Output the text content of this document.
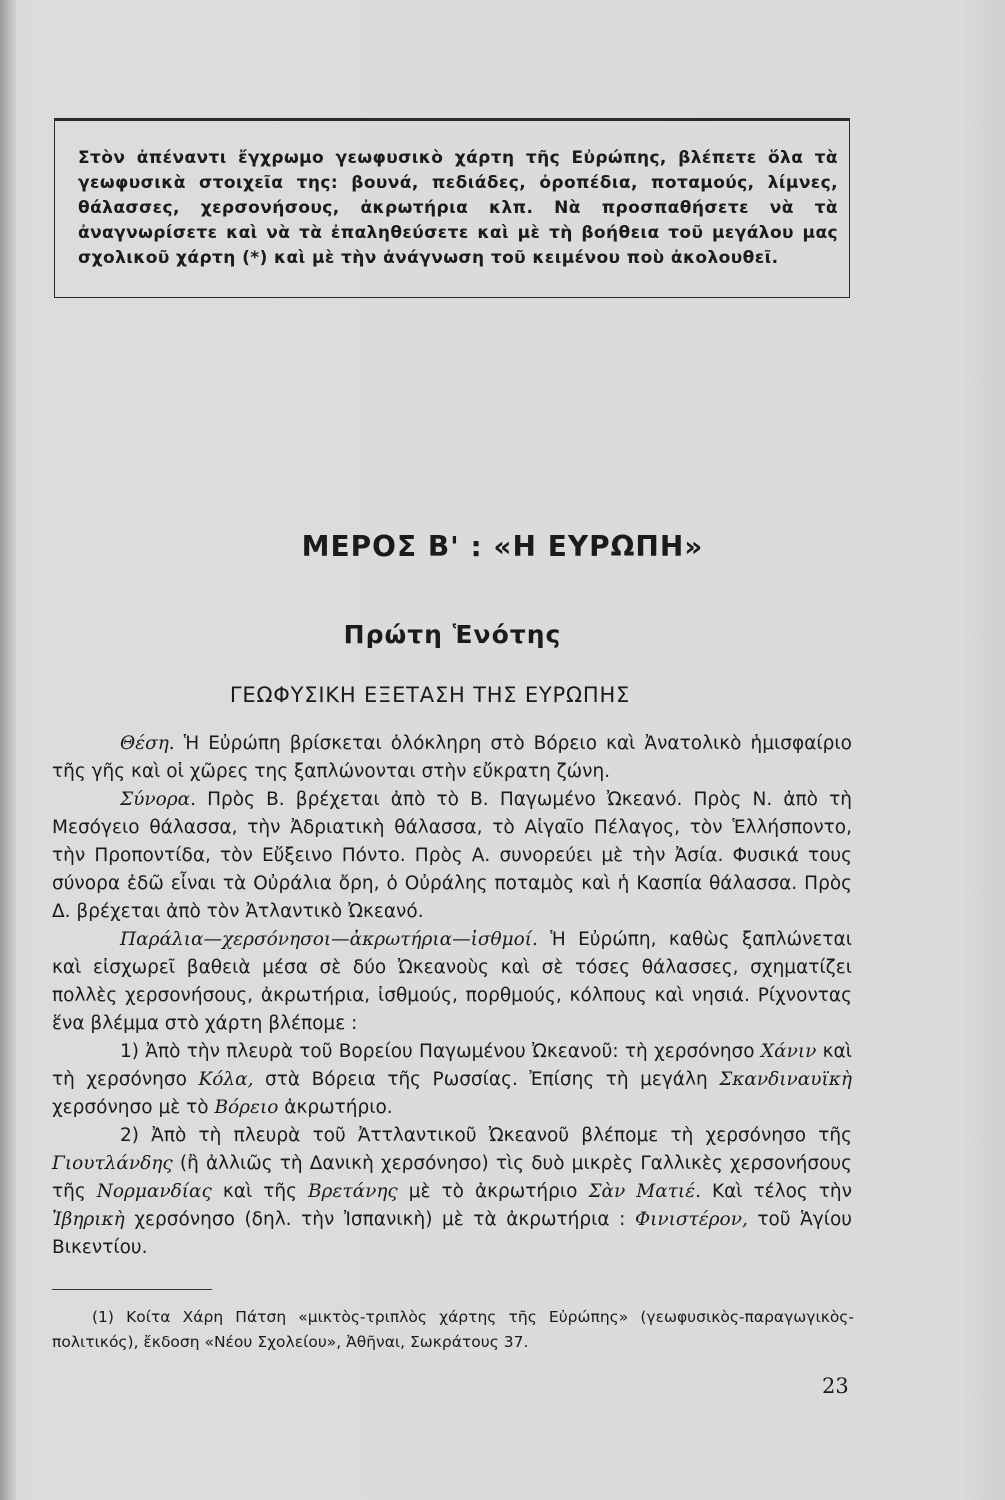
Στὸν ἀπέναντι ἔγχρωμο γεωφυσικὸ χάρτη τῆς Εὐρώπης, βλέπετε ὅλα τὰ γεωφυσικὰ στοιχεῖα της: βουνά, πεδιάδες, ὀροπέδια, ποταμούς, λίμνες, θάλασσες, χερσονήσους, ἀκρωτήρια κλπ. Νὰ προσπαθήσετε νὰ τὰ ἀναγνωρίσετε καὶ νὰ τὰ ἐπαληθεύσετε καὶ μὲ τὴ βοήθεια τοῦ μεγάλου μας σχολικοῦ χάρτη (*) καὶ μὲ τὴν ἀνάγνωση τοῦ κειμένου ποὺ ἀκολουθεῖ.
ΜΕΡΟΣ Β' : «Η ΕΥΡΩΠΗ»
Πρώτη Ἑνότης
ΓΕΩΦΥΣΙΚΗ ΕΞΕΤΑΣΗ ΤΗΣ ΕΥΡΩΠΗΣ

Θέση. Ἡ Εὐρώπη βρίσκεται ὁλόκληρη στὸ Βόρειο καὶ Ἀνατολικὸ ἡμισφαίριο τῆς γῆς καὶ οἱ χῶρες της ξαπλώνονται στὴν εὔκρατη ζώνη.

Σύνορα. Πρὸς Β. βρέχεται ἀπὸ τὸ Β. Παγωμένο Ὠκεανό. Πρὸς Ν. ἀπὸ τὴ Μεσόγειο θάλασσα, τὴν Ἀδριατικὴ θάλασσα, τὸ Αἰγαῖο Πέλαγος, τὸν Ἑλλήσποντο, τὴν Προποντίδα, τὸν Εὔξεινο Πόντο. Πρὸς Α. συνορεύει μὲ τὴν Ἀσία. Φυσικά τους σύνορα ἐδῶ εἶναι τὰ Οὐράλια ὄρη, ὁ Οὐράλης ποταμὸς καὶ ἡ Κασπία θάλασσα. Πρὸς Δ. βρέχεται ἀπὸ τὸν Ἀτλαντικὸ Ὠκεανό.

Παράλια—χερσόνησοι—ἀκρωτήρια—ἰσθμοί. Ἡ Εὐρώπη, καθὼς ξαπλώνεται καὶ εἰσχωρεῖ βαθειὰ μέσα σὲ δύο Ὠκεανοὺς καὶ σὲ τόσες θάλασσες, σχηματίζει πολλὲς χερσονήσους, ἀκρωτήρια, ἰσθμούς, πορθμούς, κόλπους καὶ νησιά. Ρίχνοντας ἕνα βλέμμα στὸ χάρτη βλέπομε :

1) Ἀπὸ τὴν πλευρὰ τοῦ Βορείου Παγωμένου Ὠκεανοῦ: τὴ χερσόνησο Χάνιν καὶ τὴ χερσόνησο Κόλα, στὰ Βόρεια τῆς Ρωσσίας. Ἐπίσης τὴ μεγάλη Σκανδιναυϊκὴ χερσόνησο μὲ τὸ Βόρειο ἀκρωτήριο.

2) Ἀπὸ τὴ πλευρὰ τοῦ Ἀττλαντικοῦ Ὠκεανοῦ βλέπομε τὴ χερσόνησο τῆς Γιουτλάνδης (ἢ ἀλλιῶς τὴ Δανικὴ χερσόνησο) τὶς δυὸ μικρὲς Γαλλικὲς χερσονήσους τῆς Νορμανδίας καὶ τῆς Βρετάνης μὲ τὸ ἀκρωτήριο Σὰν Ματιέ. Καὶ τέλος τὴν Ἰβηρικὴ χερσόνησο (δηλ. τὴν Ἰσπανικὴ) μὲ τὰ ἀκρωτήρια : Φινιστέρον, τοῦ Ἁγίου Βικεντίου.

(1) Κοίτα Χάρη Πάτση «μικτὸς-τριπλὸς χάρτης τῆς Εὐρώπης» (γεωφυσικὸς-παραγωγικὸς-πολιτικός), ἔκδοση «Νέου Σχολείου», Ἀθῆναι, Σωκράτους 37.
23
